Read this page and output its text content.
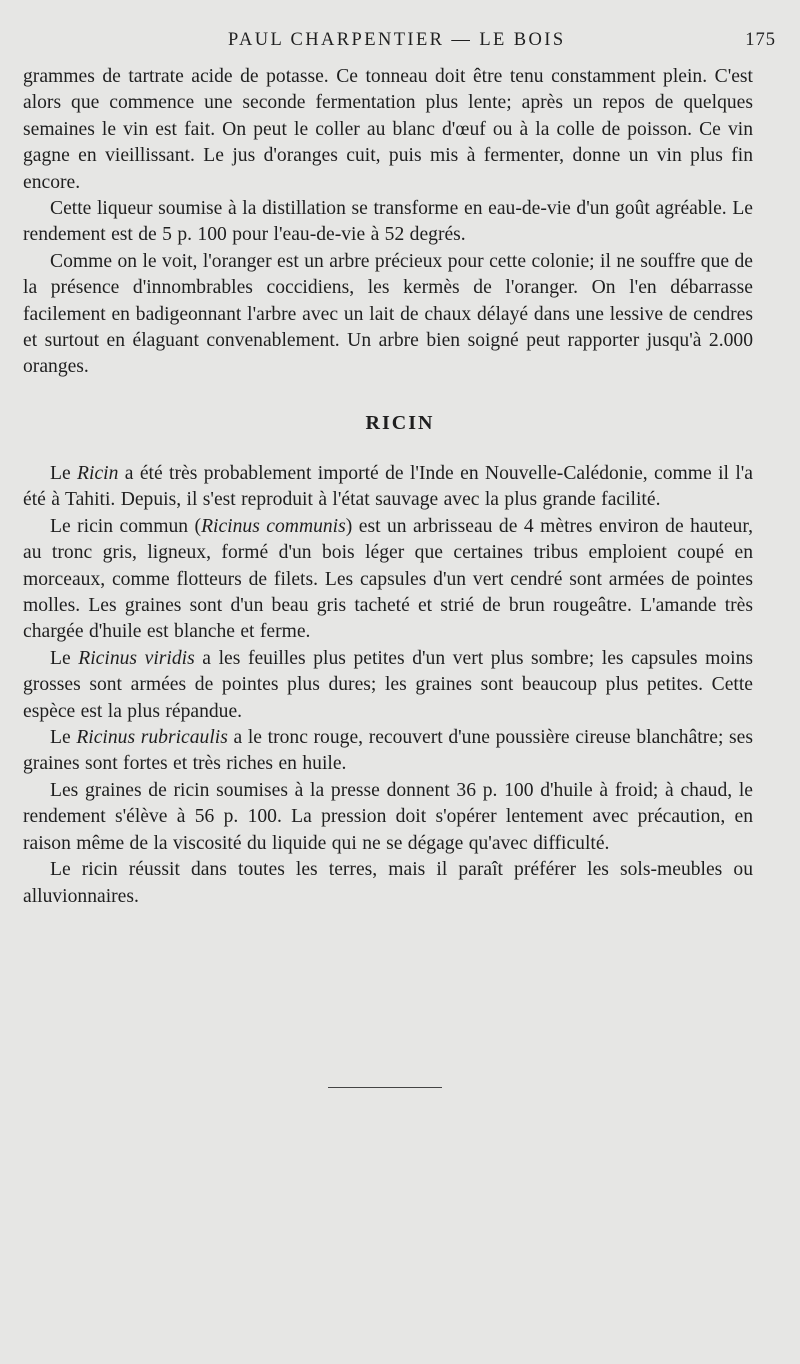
PAUL CHARPENTIER — LE BOIS	175

grammes de tartrate acide de potasse. Ce tonneau doit être tenu constamment plein. C'est alors que commence une seconde fermentation plus lente; après un repos de quelques semaines le vin est fait. On peut le coller au blanc d'œuf ou à la colle de poisson. Ce vin gagne en vieillissant. Le jus d'oranges cuit, puis mis à fermenter, donne un vin plus fin encore.

Cette liqueur soumise à la distillation se transforme en eau-de-vie d'un goût agréable. Le rendement est de 5 p. 100 pour l'eau-de-vie à 52 degrés.

Comme on le voit, l'oranger est un arbre précieux pour cette colonie; il ne souffre que de la présence d'innombrables coccidiens, les kermès de l'oranger. On l'en débarrasse facilement en badigeonnant l'arbre avec un lait de chaux délayé dans une lessive de cendres et surtout en élaguant convenablement. Un arbre bien soigné peut rapporter jusqu'à 2.000 oranges.

RICIN

Le Ricin a été très probablement importé de l'Inde en Nouvelle-Calédonie, comme il l'a été à Tahiti. Depuis, il s'est reproduit à l'état sauvage avec la plus grande facilité.

Le ricin commun (Ricinus communis) est un arbrisseau de 4 mètres environ de hauteur, au tronc gris, ligneux, formé d'un bois léger que certaines tribus emploient coupé en morceaux, comme flotteurs de filets. Les capsules d'un vert cendré sont armées de pointes molles. Les graines sont d'un beau gris tacheté et strié de brun rougeâtre. L'amande très chargée d'huile est blanche et ferme.

Le Ricinus viridis a les feuilles plus petites d'un vert plus sombre; les capsules moins grosses sont armées de pointes plus dures; les graines sont beaucoup plus petites. Cette espèce est la plus répandue.

Le Ricinus rubricaulis a le tronc rouge, recouvert d'une poussière cireuse blanchâtre; ses graines sont fortes et très riches en huile.

Les graines de ricin soumises à la presse donnent 36 p. 100 d'huile à froid; à chaud, le rendement s'élève à 56 p. 100. La pression doit s'opérer lentement avec précaution, en raison même de la viscosité du liquide qui ne se dégage qu'avec difficulté.

Le ricin réussit dans toutes les terres, mais il paraît préférer les sols-meubles ou alluvionnaires.
